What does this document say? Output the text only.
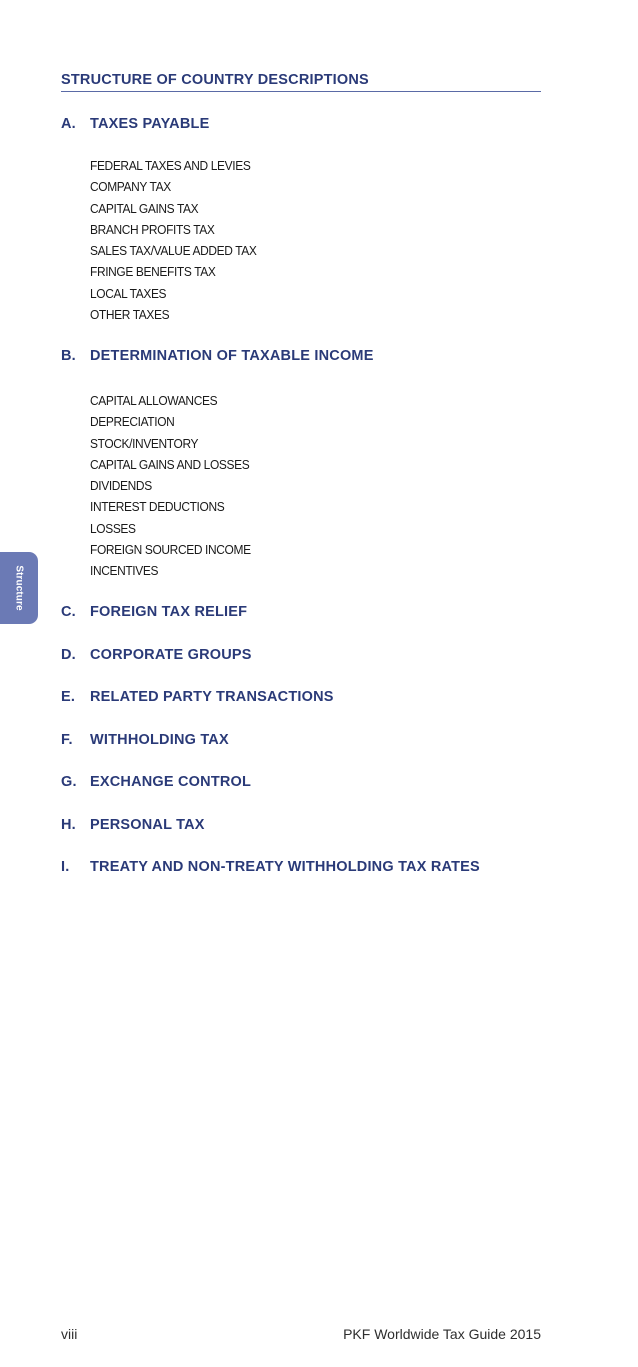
Structure
STRUCTURE OF COUNTRY DESCRIPTIONS
A. TAXES PAYABLE
FEDERAL TAXES AND LEVIES
COMPANY TAX
CAPITAL GAINS TAX
BRANCH PROFITS TAX
SALES TAX/VALUE ADDED TAX
FRINGE BENEFITS TAX
LOCAL TAXES
OTHER TAXES
B. DETERMINATION OF TAXABLE INCOME
CAPITAL ALLOWANCES
DEPRECIATION
STOCK/INVENTORY
CAPITAL GAINS AND LOSSES
DIVIDENDS
INTEREST DEDUCTIONS
LOSSES
FOREIGN SOURCED INCOME
INCENTIVES
C. FOREIGN TAX RELIEF
D. CORPORATE GROUPS
E. RELATED PARTY TRANSACTIONS
F. WITHHOLDING TAX
G. EXCHANGE CONTROL
H. PERSONAL TAX
I. TREATY AND NON-TREATY WITHHOLDING TAX RATES
viii	PKF Worldwide Tax Guide 2015
